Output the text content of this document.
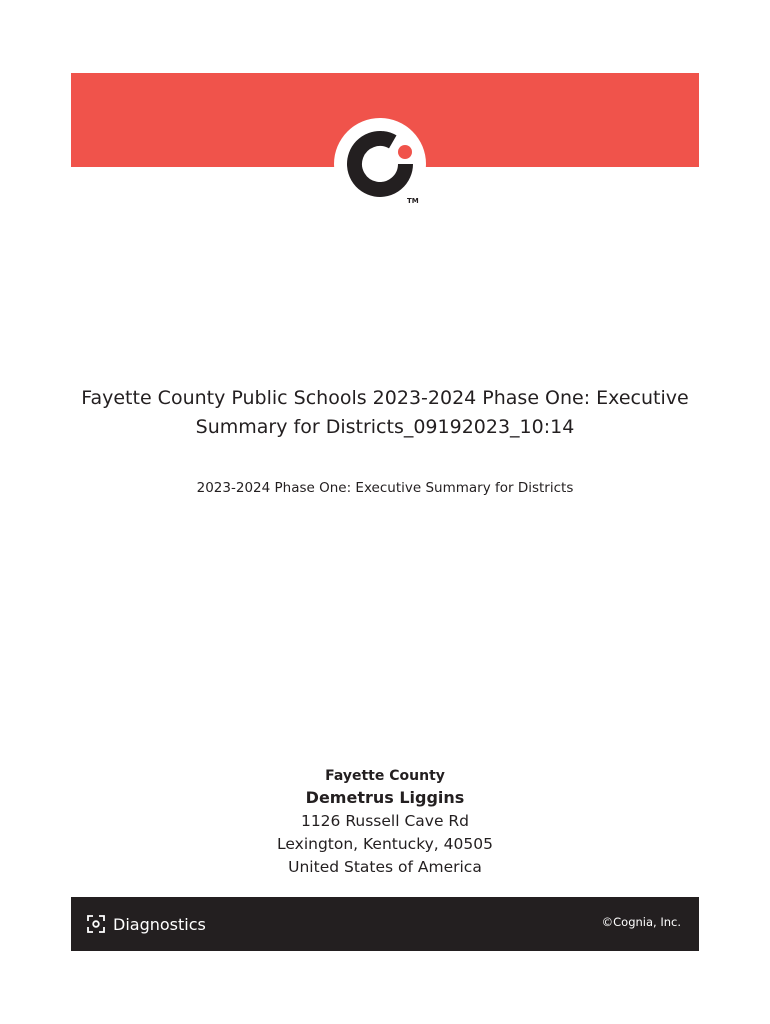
TM
Fayette County Public Schools 2023-2024 Phase One: Executive Summary for Districts_09192023_10:14

2023-2024 Phase One: Executive Summary for Districts

Fayette County
Demetrus Liggins
1126 Russell Cave Rd
Lexington, Kentucky, 40505
United States of America
Diagnostics	©Cognia, Inc.
